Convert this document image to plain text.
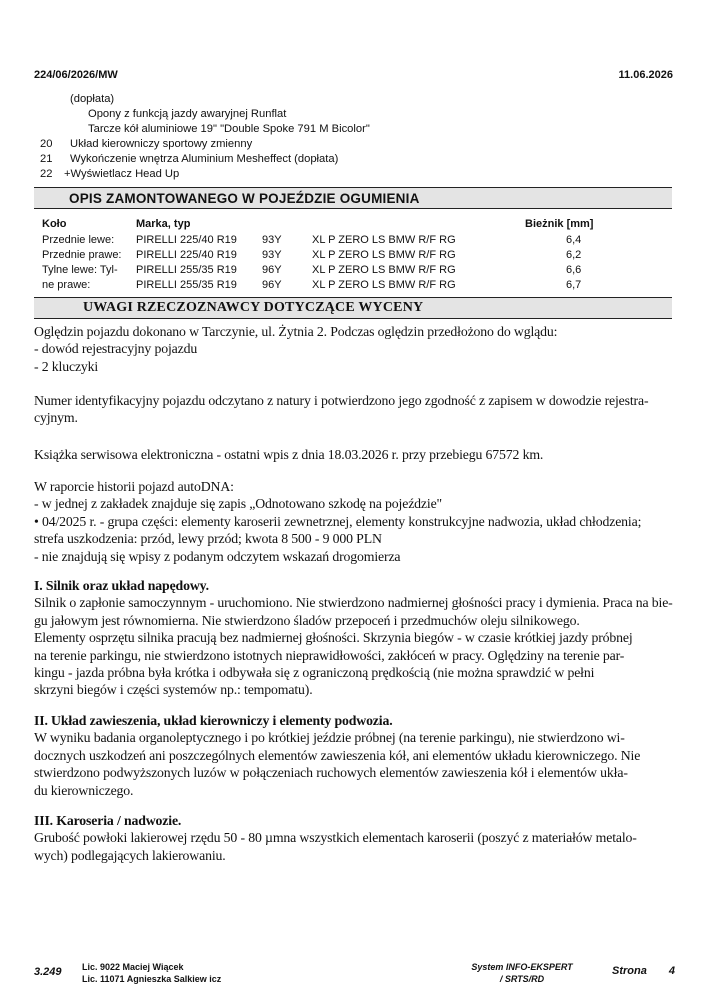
224/06/2026/MW	11.06.2026
(dopłata)
Opony z funkcją jazdy awaryjnej Runflat
Tarcze kół aluminiowe 19" "Double Spoke 791 M Bicolor"
20	Układ kierowniczy sportowy zmienny
21	Wykończenie wnętrza Aluminium Mesheffect (dopłata)
22	+Wyświetlacz Head Up
OPIS ZAMONTOWANEGO W POJEŹDZIE OGUMIENIA
Koło	Marka, typ	Bieżnik [mm]
Przednie lewe: PIRELLI 225/40 R19 93Y	XL P ZERO LS BMW R/F RG	6,4
Przednie prawe: PIRELLI 225/40 R19 93Y	XL P ZERO LS BMW R/F RG	6,2
Tylne lewe: Tyl- PIRELLI 255/35 R19 96Y	XL P ZERO LS BMW R/F RG	6,6
ne prawe:	PIRELLI 255/35 R19 96Y	XL P ZERO LS BMW R/F RG	6,7
UWAGI RZECZOZNAWCY DOTYCZĄCE WYCENY

Oględzin pojazdu dokonano w Tarczynie, ul. Żytnia 2. Podczas oględzin przedłożono do wglądu:

- dowód rejestracyjny pojazdu

- 2 kluczyki

Numer identyfikacyjny pojazdu odczytano z natury i potwierdzono jego zgodność z zapisem w dowodzie rejestra-

cyjnym.

Książka serwisowa elektroniczna - ostatni wpis z dnia 18.03.2026 r. przy przebiegu 67572 km.

W raporcie historii pojazd autoDNA:

- w jednej z zakładek znajduje się zapis „Odnotowano szkodę na pojeździe"

• 04/2025 r. - grupa części: elementy karoserii zewnetrznej, elementy konstrukcyjne nadwozia, układ chłodzenia;

strefa uszkodzenia: przód, lewy przód; kwota 8 500 - 9 000 PLN

- nie znajdują się wpisy z podanym odczytem wskazań drogomierza

I. Silnik oraz układ napędowy.

Silnik o zapłonie samoczynnym - uruchomiono. Nie stwierdzono nadmiernej głośności pracy i dymienia. Praca na bie-

gu jałowym jest równomierna. Nie stwierdzono śladów przepoceń i przedmuchów oleju silnikowego.

Elementy osprzętu silnika pracują bez nadmiernej głośności. Skrzynia biegów - w czasie krótkiej jazdy próbnej

na terenie parkingu, nie stwierdzono istotnych nieprawidłowości, zakłóceń w pracy. Oględziny na terenie par-

kingu - jazda próbna była krótka i odbywała się z ograniczoną prędkością (nie można sprawdzić w pełni

skrzyni biegów i części systemów np.: tempomatu).

II. Układ zawieszenia, układ kierowniczy i elementy podwozia.

W wyniku badania organoleptycznego i po krótkiej jeździe próbnej (na terenie parkingu), nie stwierdzono wi-

docznych uszkodzeń ani poszczególnych elementów zawieszenia kół, ani elementów układu kierowniczego. Nie

stwierdzono podwyższonych luzów w połączeniach ruchowych elementów zawieszenia kół i elementów ukła-

du kierowniczego.

III. Karoseria / nadwozie.

Grubość powłoki lakierowej rzędu 50 - 80 µmna wszystkich elementach karoserii (poszyć z materiałów metalo-

wych) podlegających lakierowaniu.

3.249 Lic. 9022 Maciej Wiącek
Lic. 11071 Agnieszka Salkiew icz
System INFO-EKSPERT
/ SRTS/RD
Strona 4
